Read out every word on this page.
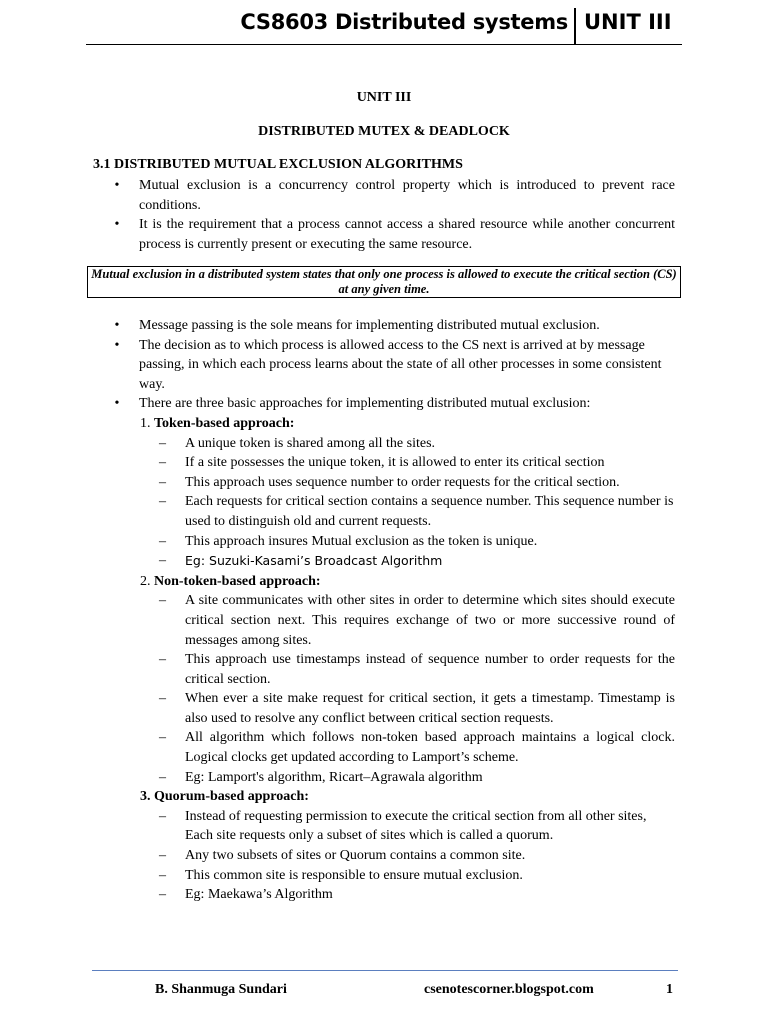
CS8603 Distributed systems UNIT III
UNIT III
DISTRIBUTED MUTEX & DEADLOCK
3.1 DISTRIBUTED MUTUAL EXCLUSION ALGORITHMS
• Mutual exclusion is a concurrency control property which is introduced to prevent race conditions.
• It is the requirement that a process cannot access a shared resource while another concurrent process is currently present or executing the same resource.
Mutual exclusion in a distributed system states that only one process is allowed to execute the critical section (CS) at any given time.
• Message passing is the sole means for implementing distributed mutual exclusion.
• The decision as to which process is allowed access to the CS next is arrived at by message passing, in which each process learns about the state of all other processes in some consistent way.
• There are three basic approaches for implementing distributed mutual exclusion:
1. Token-based approach:
– A unique token is shared among all the sites.
– If a site possesses the unique token, it is allowed to enter its critical section
– This approach uses sequence number to order requests for the critical section.
– Each requests for critical section contains a sequence number. This sequence number is used to distinguish old and current requests.
– This approach insures Mutual exclusion as the token is unique.
– Eg: Suzuki-Kasami’s Broadcast Algorithm
2. Non-token-based approach:
– A site communicates with other sites in order to determine which sites should execute critical section next. This requires exchange of two or more successive round of messages among sites.
– This approach use timestamps instead of sequence number to order requests for the critical section.
– When ever a site make request for critical section, it gets a timestamp. Timestamp is also used to resolve any conflict between critical section requests.
– All algorithm which follows non-token based approach maintains a logical clock. Logical clocks get updated according to Lamport’s scheme.
– Eg: Lamport's algorithm, Ricart–Agrawala algorithm
3. Quorum-based approach:
– Instead of requesting permission to execute the critical section from all other sites, Each site requests only a subset of sites which is called a quorum.
– Any two subsets of sites or Quorum contains a common site.
– This common site is responsible to ensure mutual exclusion.
– Eg: Maekawa’s Algorithm
B. Shanmuga Sundari	csenotescorner.blogspot.com	1
